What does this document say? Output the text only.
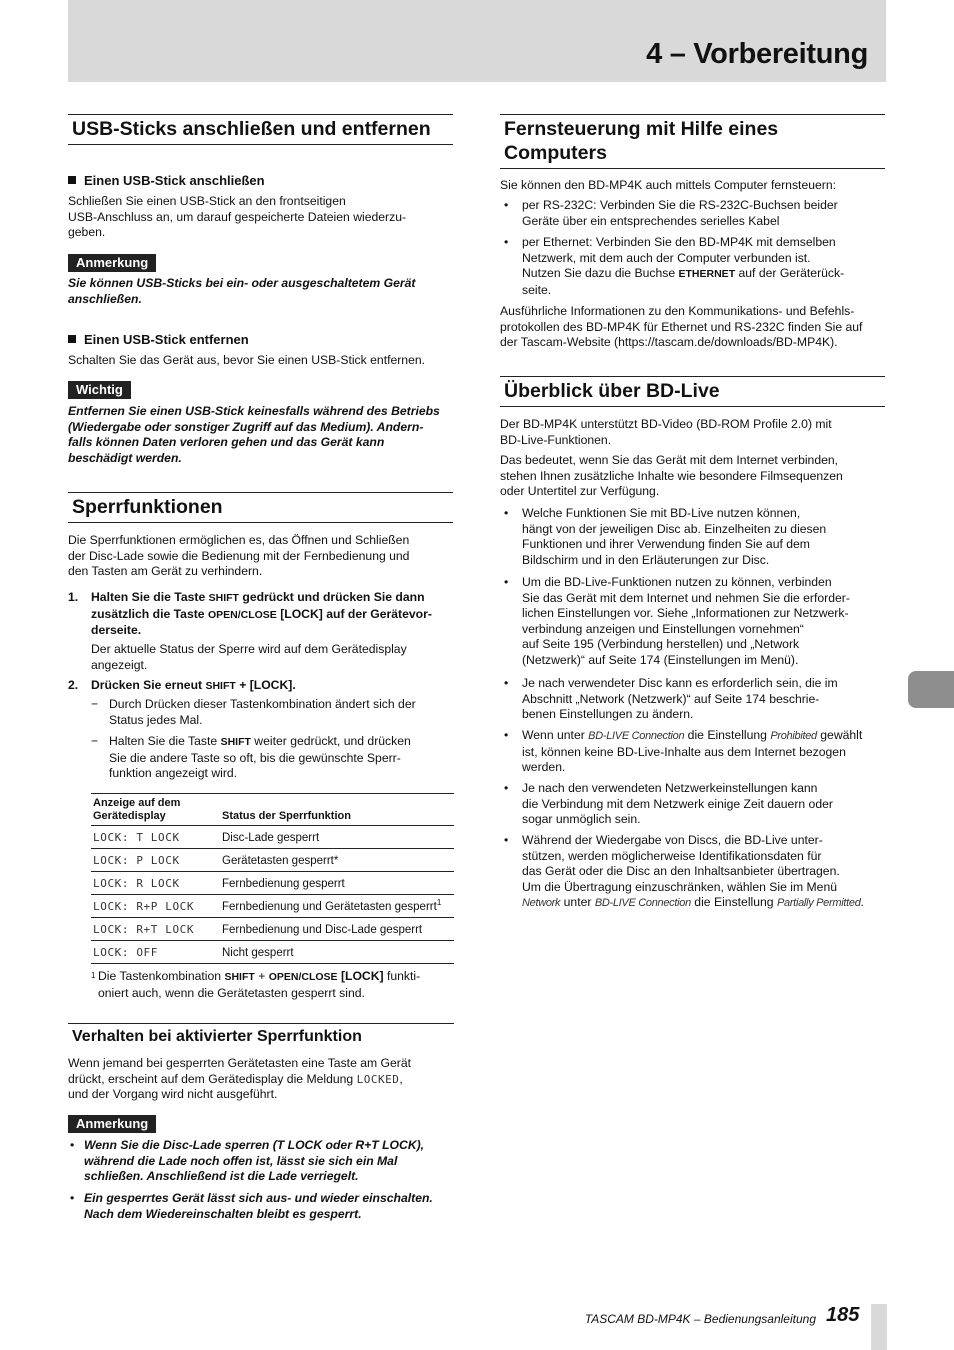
4 – Vorbereitung
USB-Sticks anschließen und entfernen
Einen USB-Stick anschließen
Schließen Sie einen USB-Stick an den frontseitigen
USB-Anschluss an, um darauf gespeicherte Dateien wiederzu-
geben.
Anmerkung
Sie können USB-Sticks bei ein- oder ausgeschaltetem Gerät
anschließen.
Einen USB-Stick entfernen
Schalten Sie das Gerät aus, bevor Sie einen USB-Stick entfernen.
Wichtig
Entfernen Sie einen USB-Stick keinesfalls während des Betriebs
(Wiedergabe oder sonstiger Zugriff auf das Medium). Andern-
falls können Daten verloren gehen und das Gerät kann
beschädigt werden.
Sperrfunktionen
Die Sperrfunktionen ermöglichen es, das Öffnen und Schließen
der Disc-Lade sowie die Bedienung mit der Fernbedienung und
den Tasten am Gerät zu verhindern.
1. Halten Sie die Taste SHIFT gedrückt und drücken Sie dann
zusätzlich die Taste OPEN/CLOSE [LOCK] auf der Gerätevor-
derseite.
Der aktuelle Status der Sperre wird auf dem Gerätedisplay
angezeigt.
2. Drücken Sie erneut SHIFT + [LOCK].
− Durch Drücken dieser Tastenkombination ändert sich der
Status jedes Mal.
− Halten Sie die Taste SHIFT weiter gedrückt, und drücken
Sie die andere Taste so oft, bis die gewünschte Sperr-
funktion angezeigt wird.
Anzeige auf dem
Gerätedisplay	Status der Sperrfunktion
LOCK: T LOCK	Disc-Lade gesperrt
LOCK: P LOCK	Gerätetasten gesperrt*
LOCK: R LOCK	Fernbedienung gesperrt
LOCK: R+P LOCK	Fernbedienung und Gerätetasten gesperrt$^1$
LOCK: R+T LOCK	Fernbedienung und Disc-Lade gesperrt
LOCK: OFF	Nicht gesperrt
1 Die Tastenkombination SHIFT + OPEN/CLOSE [LOCK] funkti-
oniert auch, wenn die Gerätetasten gesperrt sind.
Verhalten bei aktivierter Sperrfunktion
Wenn jemand bei gesperrten Gerätetasten eine Taste am Gerät
drückt, erscheint auf dem Gerätedisplay die Meldung LOCKED,
und der Vorgang wird nicht ausgeführt.
Anmerkung
• Wenn Sie die Disc-Lade sperren (T LOCK oder R+T LOCK),
während die Lade noch offen ist, lässt sie sich ein Mal
schließen. Anschließend ist die Lade verriegelt.
• Ein gesperrtes Gerät lässt sich aus- und wieder einschalten.
Nach dem Wiedereinschalten bleibt es gesperrt.
Fernsteuerung mit Hilfe eines
Computers
Sie können den BD-MP4K auch mittels Computer fernsteuern:
• per RS-232C: Verbinden Sie die RS-232C-Buchsen beider
Geräte über ein entsprechendes serielles Kabel
• per Ethernet: Verbinden Sie den BD-MP4K mit demselben
Netzwerk, mit dem auch der Computer verbunden ist.
Nutzen Sie dazu die Buchse ETHERNET auf der Geräterück-
seite.
Ausführliche Informationen zu den Kommunikations- und Befehls-
protokollen des BD-MP4K für Ethernet und RS-232C finden Sie auf
der Tascam-Website (https://tascam.de/downloads/BD-MP4K).
Überblick über BD-Live
Der BD-MP4K unterstützt BD-Video (BD-ROM Profile 2.0) mit
BD-Live-Funktionen.
Das bedeutet, wenn Sie das Gerät mit dem Internet verbinden,
stehen Ihnen zusätzliche Inhalte wie besondere Filmsequenzen
oder Untertitel zur Verfügung.
• Welche Funktionen Sie mit BD-Live nutzen können,
hängt von der jeweiligen Disc ab. Einzelheiten zu diesen
Funktionen und ihrer Verwendung finden Sie auf dem
Bildschirm und in den Erläuterungen zur Disc.
• Um die BD-Live-Funktionen nutzen zu können, verbinden
Sie das Gerät mit dem Internet und nehmen Sie die erforder-
lichen Einstellungen vor. Siehe „Informationen zur Netzwerk-
verbindung anzeigen und Einstellungen vornehmen“
auf Seite 195 (Verbindung herstellen) und „Network
(Netzwerk)“ auf Seite 174 (Einstellungen im Menü).
• Je nach verwendeter Disc kann es erforderlich sein, die im
Abschnitt „Network (Netzwerk)“ auf Seite 174 beschrie-
benen Einstellungen zu ändern.
• Wenn unter BD-LIVE Connection die Einstellung Prohibited gewählt
ist, können keine BD-Live-Inhalte aus dem Internet bezogen
werden.
• Je nach den verwendeten Netzwerkeinstellungen kann
die Verbindung mit dem Netzwerk einige Zeit dauern oder
sogar unmöglich sein.
• Während der Wiedergabe von Discs, die BD-Live unter-
stützen, werden möglicherweise Identifikationsdaten für
das Gerät oder die Disc an den Inhaltsanbieter übertragen.
Um die Übertragung einzuschränken, wählen Sie im Menü
Network unter BD-LIVE Connection die Einstellung Partially Permitted.
TASCAM BD-MP4K – Bedienungsanleitung 185
